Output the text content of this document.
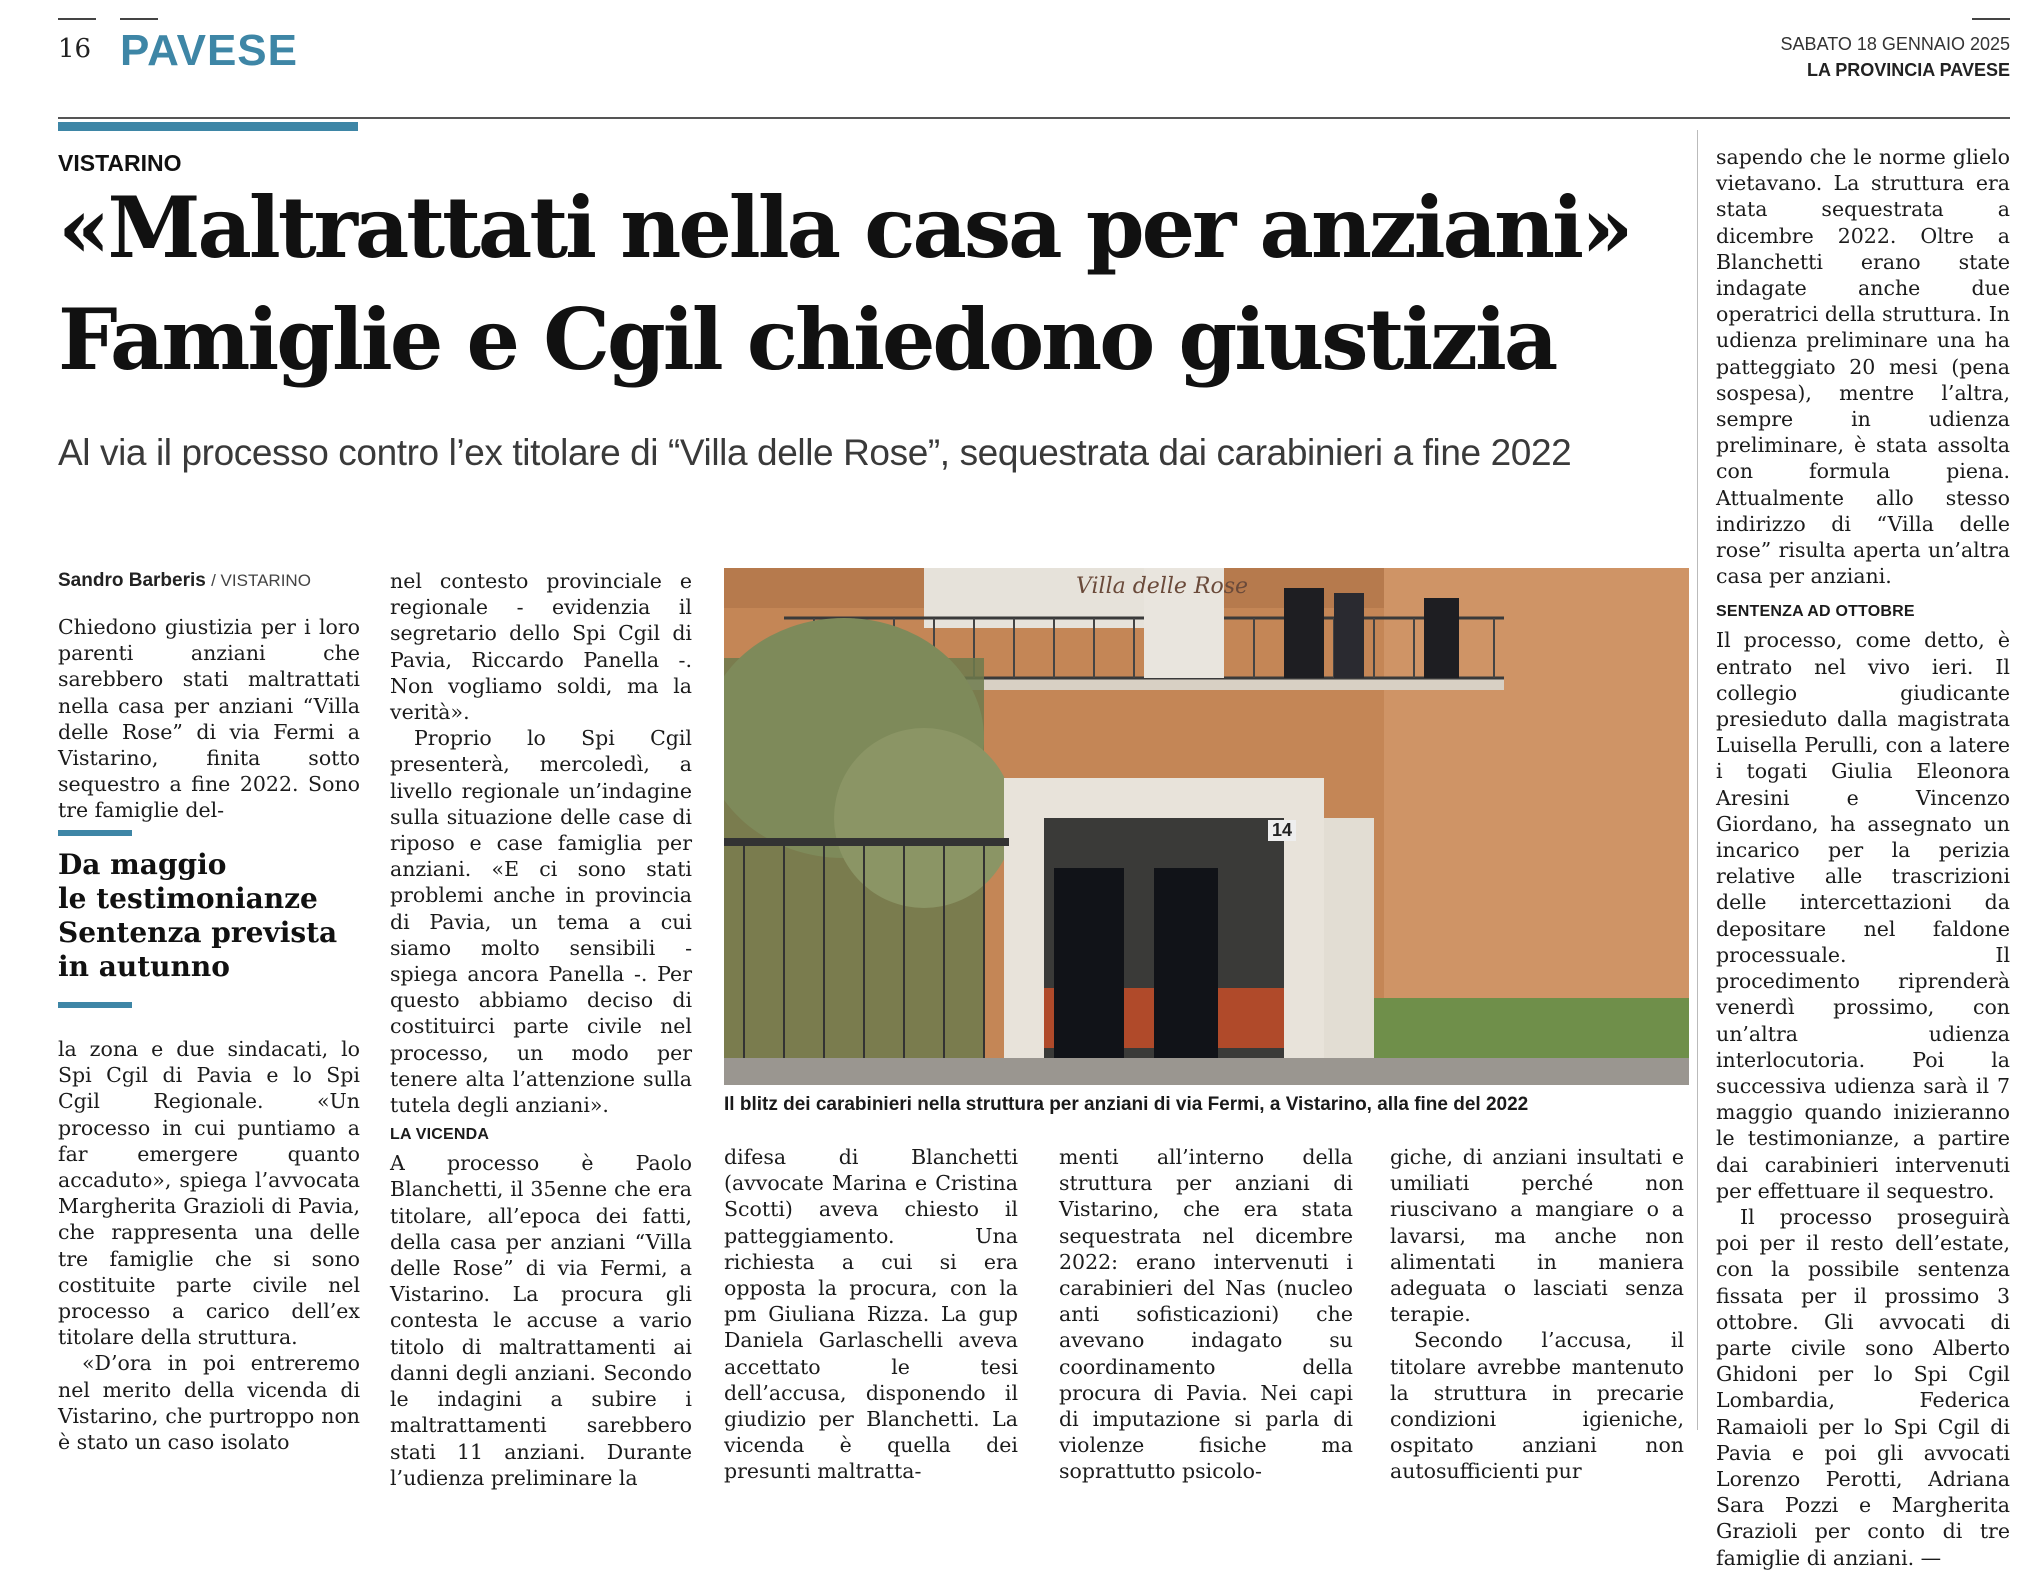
16 PAVESE	SABATO 18 GENNAIO 2025
LA PROVINCIA PAVESE
VISTARINO
«Maltrattati nella casa per anziani»
Famiglie e Cgil chiedono giustizia
Al via il processo contro l’ex titolare di “Villa delle Rose”, sequestrata dai carabinieri a fine 2022
Sandro Barberis / VISTARINO

Chiedono giustizia per i loro parenti anziani che sarebbero stati maltrattati nella casa per anziani “Villa delle Rose” di via Fermi a Vistarino, finita sotto sequestro a fine 2022. Sono tre famiglie del-

Da maggio
le testimonianze
Sentenza prevista
in autunno

la zona e due sindacati, lo Spi Cgil di Pavia e lo Spi Cgil Regionale. «Un processo in cui puntiamo a far emergere quanto accaduto», spiega l’avvocata Margherita Grazioli di Pavia, che rappresenta una delle tre famiglie che si sono costituite parte civile nel processo a carico dell’ex titolare della struttura.

«D’ora in poi entreremo nel merito della vicenda di Vistarino, che purtroppo non è stato un caso isolato

nel contesto provinciale e regionale - evidenzia il segretario dello Spi Cgil di Pavia, Riccardo Panella -. Non vogliamo soldi, ma la verità».

Proprio lo Spi Cgil presenterà, mercoledì, a livello regionale un’indagine sulla situazione delle case di riposo e case famiglia per anziani. «E ci sono stati problemi anche in provincia di Pavia, un tema a cui siamo molto sensibili - spiega ancora Panella -. Per questo abbiamo deciso di costituirci parte civile nel processo, un modo per tenere alta l’attenzione sulla tutela degli anziani».

LA VICENDA

A processo è Paolo Blanchetti, il 35enne che era titolare, all’epoca dei fatti, della casa per anziani “Villa delle Rose” di via Fermi, a Vistarino. La procura gli contesta le accuse a vario titolo di maltrattamenti ai danni degli anziani. Secondo le indagini a subire i maltrattamenti sarebbero stati 11 anziani. Durante l’udienza preliminare la

Villa delle Rose
14
Il blitz dei carabinieri nella struttura per anziani di via Fermi, a Vistarino, alla fine del 2022

difesa di Blanchetti (avvocate Marina e Cristina Scotti) aveva chiesto il patteggiamento. Una richiesta a cui si era opposta la procura, con la pm Giuliana Rizza. La gup Daniela Garlaschelli aveva accettato le tesi dell’accusa, disponendo il giudizio per Blanchetti. La vicenda è quella dei presunti maltratta-

menti all’interno della struttura per anziani di Vistarino, che era stata sequestrata nel dicembre 2022: erano intervenuti i carabinieri del Nas (nucleo anti sofisticazioni) che avevano indagato su coordinamento della procura di Pavia. Nei capi di imputazione si parla di violenze fisiche ma soprattutto psicolo-

giche, di anziani insultati e umiliati perché non riuscivano a mangiare o a lavarsi, ma anche non alimentati in maniera adeguata o lasciati senza terapie.

Secondo l’accusa, il titolare avrebbe mantenuto la struttura in precarie condizioni igieniche, ospitato anziani non autosufficienti pur

sapendo che le norme glielo vietavano. La struttura era stata sequestrata a dicembre 2022. Oltre a Blanchetti erano state indagate anche due operatrici della struttura. In udienza preliminare una ha patteggiato 20 mesi (pena sospesa), mentre l’altra, sempre in udienza preliminare, è stata assolta con formula piena. Attualmente allo stesso indirizzo di “Villa delle rose” risulta aperta un’altra casa per anziani.

SENTENZA AD OTTOBRE

Il processo, come detto, è entrato nel vivo ieri. Il collegio giudicante presieduto dalla magistrata Luisella Perulli, con a latere i togati Giulia Eleonora Aresini e Vincenzo Giordano, ha assegnato un incarico per la perizia relative alle trascrizioni delle intercettazioni da depositare nel faldone processuale. Il procedimento riprenderà venerdì prossimo, con un’altra udienza interlocutoria. Poi la successiva udienza sarà il 7 maggio quando inizieranno le testimonianze, a partire dai carabinieri intervenuti per effettuare il sequestro.

Il processo proseguirà poi per il resto dell’estate, con la possibile sentenza fissata per il prossimo 3 ottobre. Gli avvocati di parte civile sono Alberto Ghidoni per lo Spi Cgil Lombardia, Federica Ramaioli per lo Spi Cgil di Pavia e poi gli avvocati Lorenzo Perotti, Adriana Sara Pozzi e Margherita Grazioli per conto di tre famiglie di anziani. —
